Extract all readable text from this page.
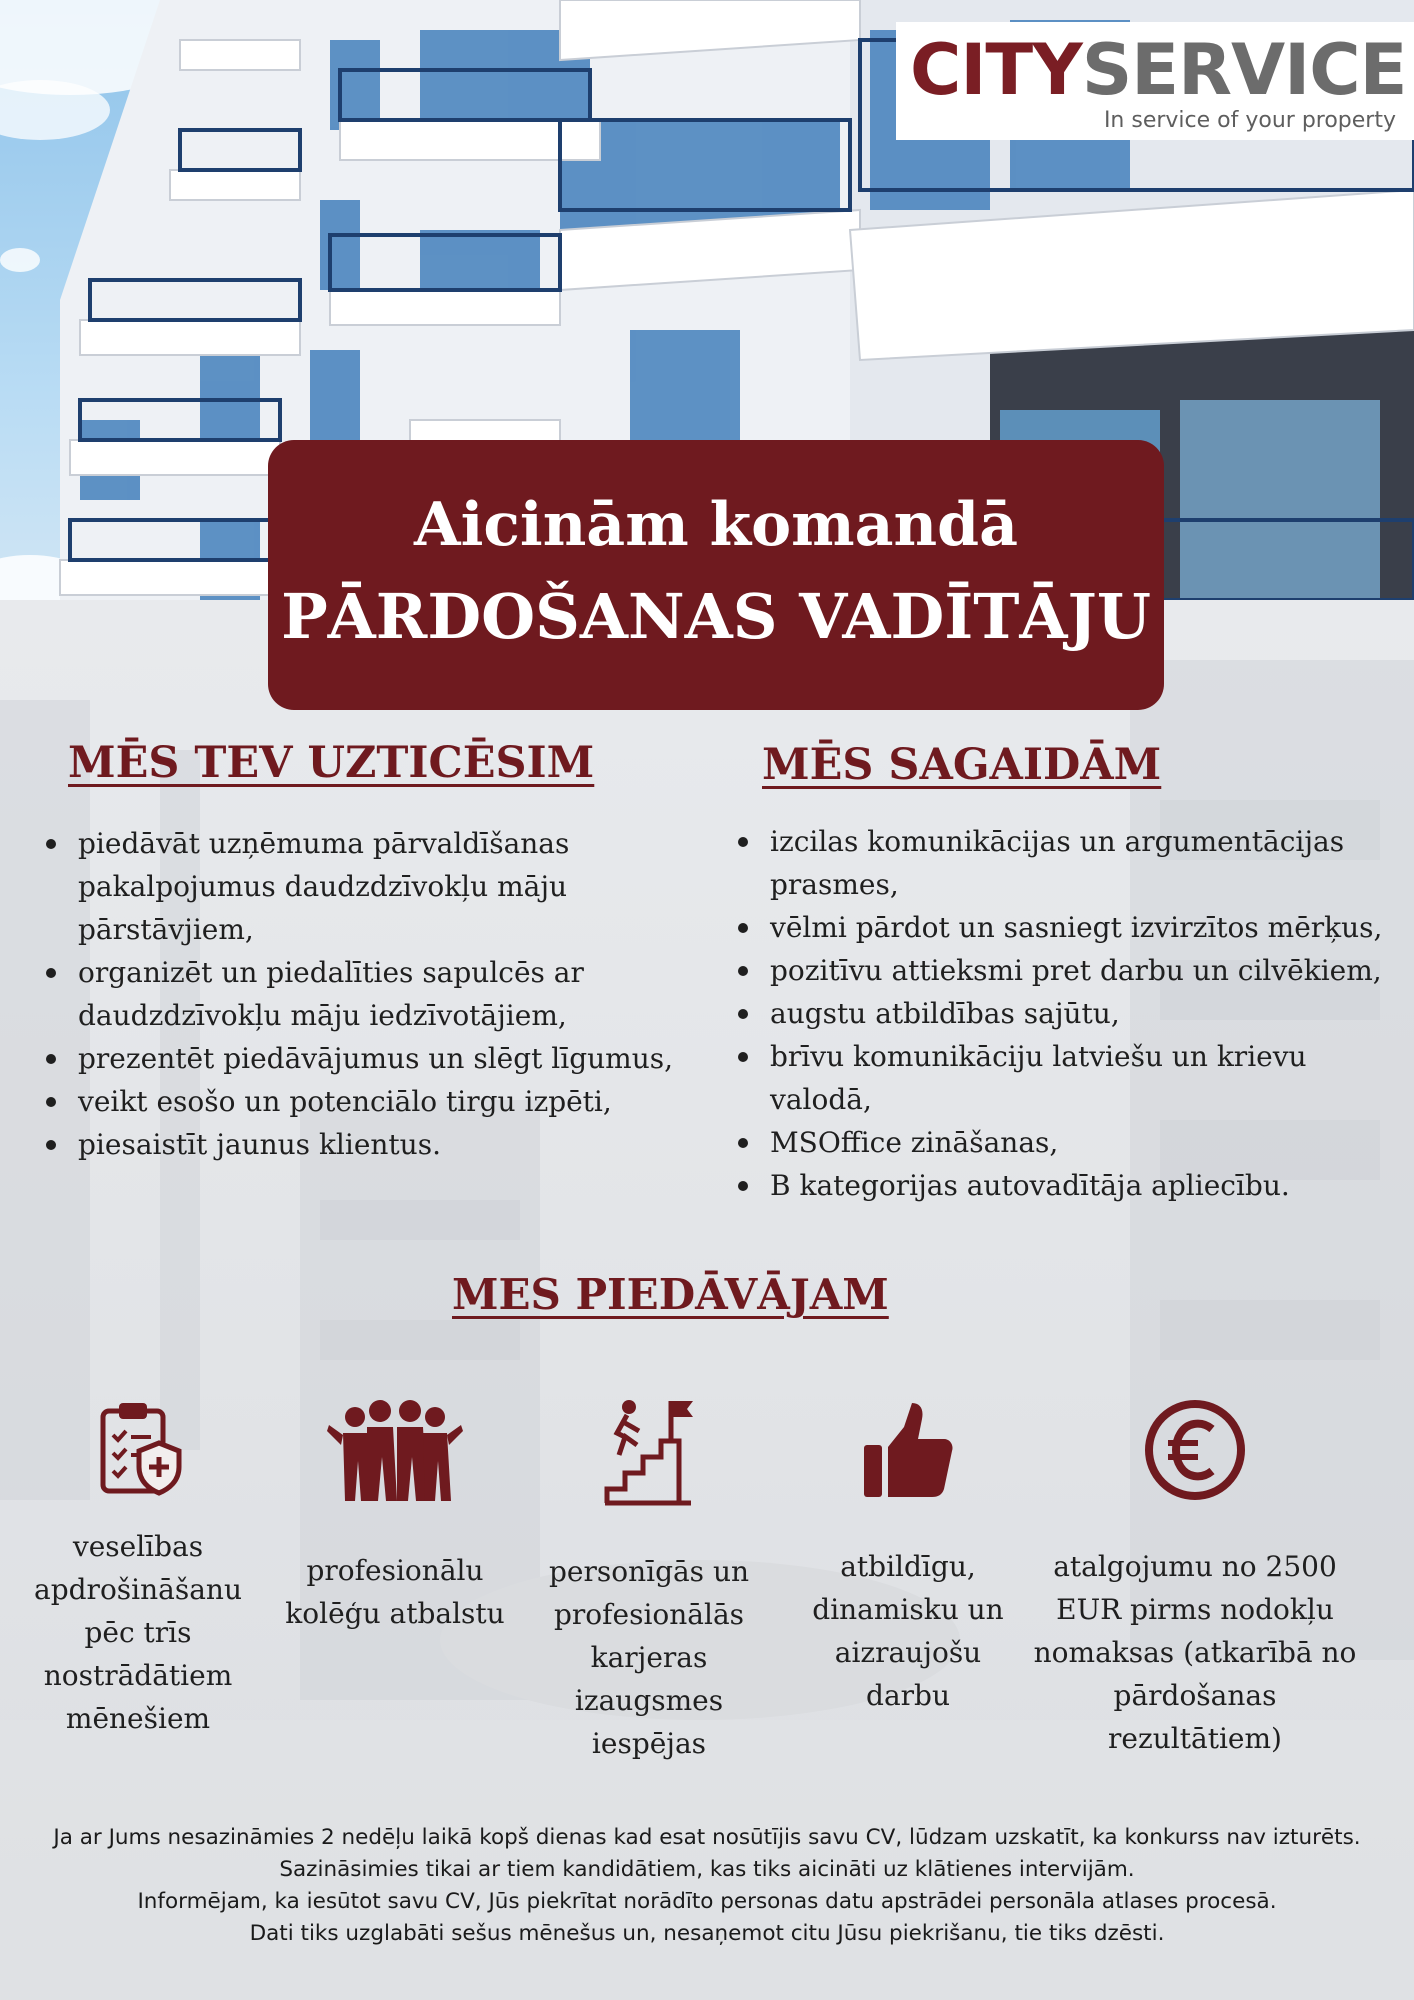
CITYSERVICE
In service of your property
Aicinām komandā
PĀRDOŠANAS VADĪTĀJU
MĒS TEV UZTICĒSIM
piedāvāt uzņēmuma pārvaldīšanas pakalpojumus daudzdzīvokļu māju pārstāvjiem,
organizēt un piedalīties sapulcēs ar daudzdzīvokļu māju iedzīvotājiem,
prezentēt piedāvājumus un slēgt līgumus,
veikt esošo un potenciālo tirgu izpēti,
piesaistīt jaunus klientus.
MĒS SAGAIDĀM
izcilas komunikācijas un argumentācijas prasmes,
vēlmi pārdot un sasniegt izvirzītos mērķus,
pozitīvu attieksmi pret darbu un cilvēkiem,
augstu atbildības sajūtu,
brīvu komunikāciju latviešu un krievu valodā,
MSOffice zināšanas,
B kategorijas autovadītāja apliecību.
MES PIEDĀVĀJAM
veselības apdrošināšanu pēc trīs nostrādātiem mēnešiem
profesionālu kolēģu atbalstu
personīgās un profesionālās karjeras izaugsmes iespējas
atbildīgu, dinamisku un aizraujošu darbu
atalgojumu no 2500 EUR pirms nodokļu nomaksas (atkarībā no pārdošanas rezultātiem)
Ja ar Jums nesazināmies 2 nedēļu laikā kopš dienas kad esat nosūtījis savu CV, lūdzam uzskatīt, ka konkurss nav izturēts.
Sazināsimies tikai ar tiem kandidātiem, kas tiks aicināti uz klātienes intervijām.
Informējam, ka iesūtot savu CV, Jūs piekrītat norādīto personas datu apstrādei personāla atlases procesā.
Dati tiks uzglabāti sešus mēnešus un, nesaņemot citu Jūsu piekrišanu, tie tiks dzēsti.
